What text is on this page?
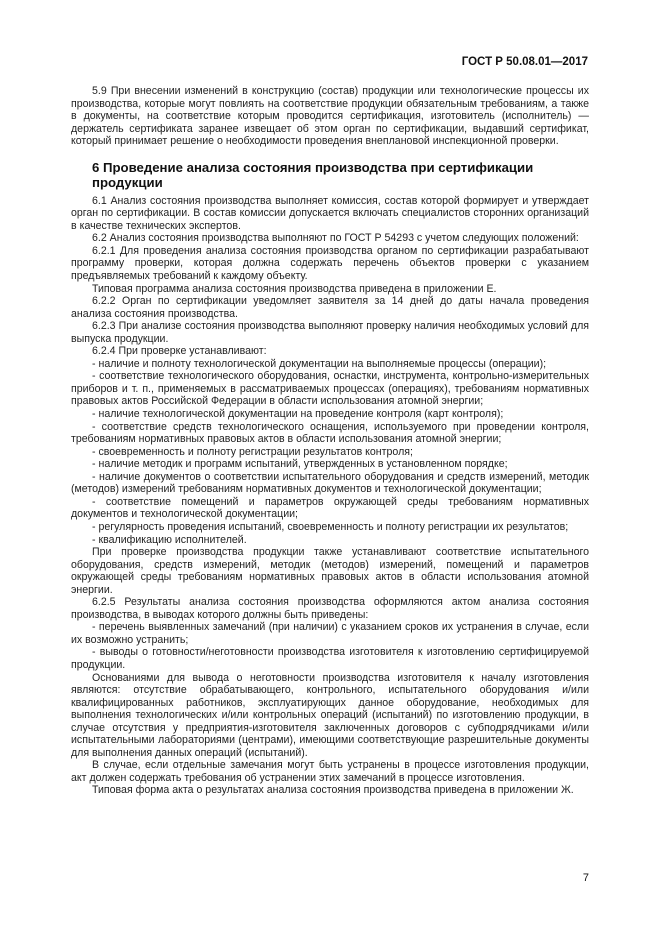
ГОСТ Р 50.08.01—2017

5.9 При внесении изменений в конструкцию (состав) продукции или технологические процессы их производства, которые могут повлиять на соответствие продукции обязательным требованиям, а также в документы, на соответствие которым проводится сертификация, изготовитель (исполнитель) — держатель сертификата заранее извещает об этом орган по сертификации, выдавший сертификат, который принимает решение о необходимости проведения внеплановой инспекционной проверки.

6 Проведение анализа состояния производства при сертификации продукции

6.1 Анализ состояния производства выполняет комиссия, состав которой формирует и утверждает орган по сертификации. В состав комиссии допускается включать специалистов сторонних организаций в качестве технических экспертов.

6.2 Анализ состояния производства выполняют по ГОСТ Р 54293 с учетом следующих положений:

6.2.1 Для проведения анализа состояния производства органом по сертификации разрабатывают программу проверки, которая должна содержать перечень объектов проверки с указанием предъявляемых требований к каждому объекту.

Типовая программа анализа состояния производства приведена в приложении Е.

6.2.2 Орган по сертификации уведомляет заявителя за 14 дней до даты начала проведения анализа состояния производства.

6.2.3 При анализе состояния производства выполняют проверку наличия необходимых условий для выпуска продукции.

6.2.4 При проверке устанавливают:

- наличие и полноту технологической документации на выполняемые процессы (операции);

- соответствие технологического оборудования, оснастки, инструмента, контрольно-измерительных приборов и т. п., применяемых в рассматриваемых процессах (операциях), требованиям нормативных правовых актов Российской Федерации в области использования атомной энергии;

- наличие технологической документации на проведение контроля (карт контроля);

- соответствие средств технологического оснащения, используемого при проведении контроля, требованиям нормативных правовых актов в области использования атомной энергии;

- своевременность и полноту регистрации результатов контроля;

- наличие методик и программ испытаний, утвержденных в установленном порядке;

- наличие документов о соответствии испытательного оборудования и средств измерений, методик (методов) измерений требованиям нормативных документов и технологической документации;

- соответствие помещений и параметров окружающей среды требованиям нормативных документов и технологической документации;

- регулярность проведения испытаний, своевременность и полноту регистрации их результатов;

- квалификацию исполнителей.

При проверке производства продукции также устанавливают соответствие испытательного оборудования, средств измерений, методик (методов) измерений, помещений и параметров окружающей среды требованиям нормативных правовых актов в области использования атомной энергии.

6.2.5 Результаты анализа состояния производства оформляются актом анализа состояния производства, в выводах которого должны быть приведены:

- перечень выявленных замечаний (при наличии) с указанием сроков их устранения в случае, если их возможно устранить;

- выводы о готовности/неготовности производства изготовителя к изготовлению сертифицируемой продукции.

Основаниями для вывода о неготовности производства изготовителя к началу изготовления являются: отсутствие обрабатывающего, контрольного, испытательного оборудования и/или квалифицированных работников, эксплуатирующих данное оборудование, необходимых для выполнения технологических и/или контрольных операций (испытаний) по изготовлению продукции, в случае отсутствия у предприятия-изготовителя заключенных договоров с субподрядчиками и/или испытательными лабораториями (центрами), имеющими соответствующие разрешительные документы для выполнения данных операций (испытаний).

В случае, если отдельные замечания могут быть устранены в процессе изготовления продукции, акт должен содержать требования об устранении этих замечаний в процессе изготовления.

Типовая форма акта о результатах анализа состояния производства приведена в приложении Ж.

7
